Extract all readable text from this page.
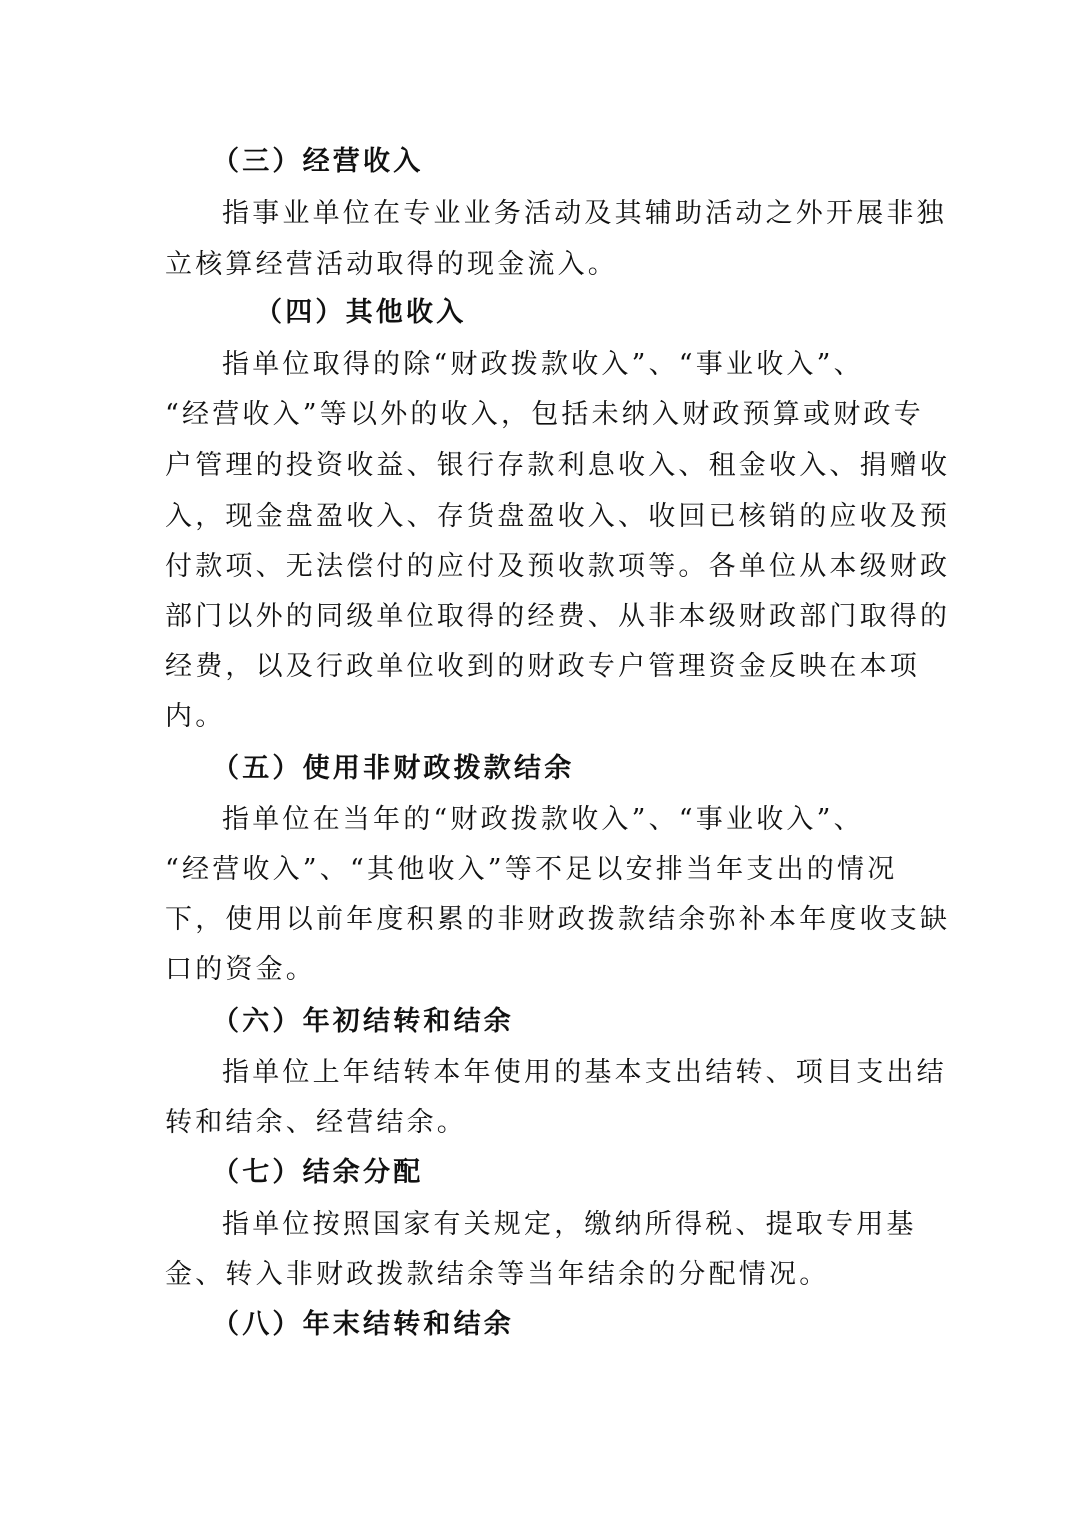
（三）经营收入
指事业单位在专业业务活动及其辅助活动之外开展非独
立核算经营活动取得的现金流入。
（四）其他收入
指单位取得的除“财政拨款收入”、“事业收入”、
“经营收入”等以外的收入，包括未纳入财政预算或财政专
户管理的投资收益、银行存款利息收入、租金收入、捐赠收
入，现金盘盈收入、存货盘盈收入、收回已核销的应收及预
付款项、无法偿付的应付及预收款项等。各单位从本级财政
部门以外的同级单位取得的经费、从非本级财政部门取得的
经费，以及行政单位收到的财政专户管理资金反映在本项
内。
（五）使用非财政拨款结余
指单位在当年的“财政拨款收入”、“事业收入”、
“经营收入”、“其他收入”等不足以安排当年支出的情况
下，使用以前年度积累的非财政拨款结余弥补本年度收支缺
口的资金。
（六）年初结转和结余
指单位上年结转本年使用的基本支出结转、项目支出结
转和结余、经营结余。
（七）结余分配
指单位按照国家有关规定，缴纳所得税、提取专用基
金、转入非财政拨款结余等当年结余的分配情况。
（八）年末结转和结余
